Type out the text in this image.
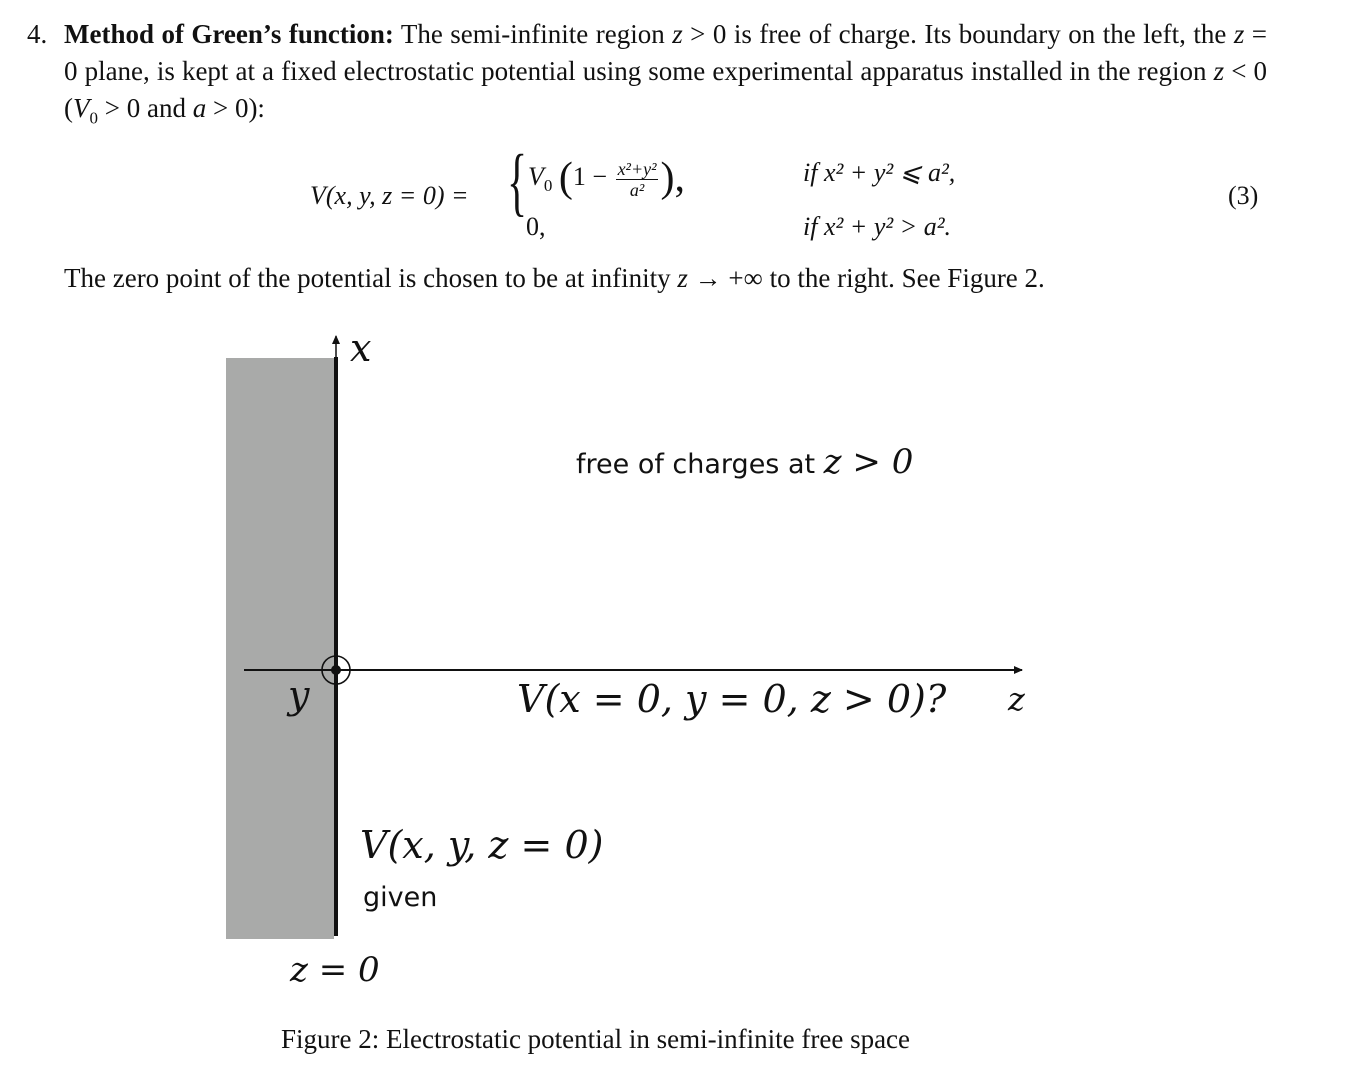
4. Method of Green’s function: The semi-infinite region z > 0 is free of charge. Its boundary on the left, the z = 0 plane, is kept at a fixed electrostatic potential using some experimental apparatus installed in the region z < 0 ($V_0 > 0$ and a > 0):
V(x, y, z = 0) = { $V_0$ ($1 - \frac{\text{x²+y²}}{\text{a²}}$ ),
0,
if x² + y² ⩽ a²,
if x² + y² > a².
(3)
The zero point of the potential is chosen to be at infinity z → +∞ to the right. See Figure 2.
x
y	z
free of charges at z > 0
V(x = 0, y = 0, z > 0)?
V(x, y, z = 0)
given
z = 0
Figure 2: Electrostatic potential in semi-infinite free space
